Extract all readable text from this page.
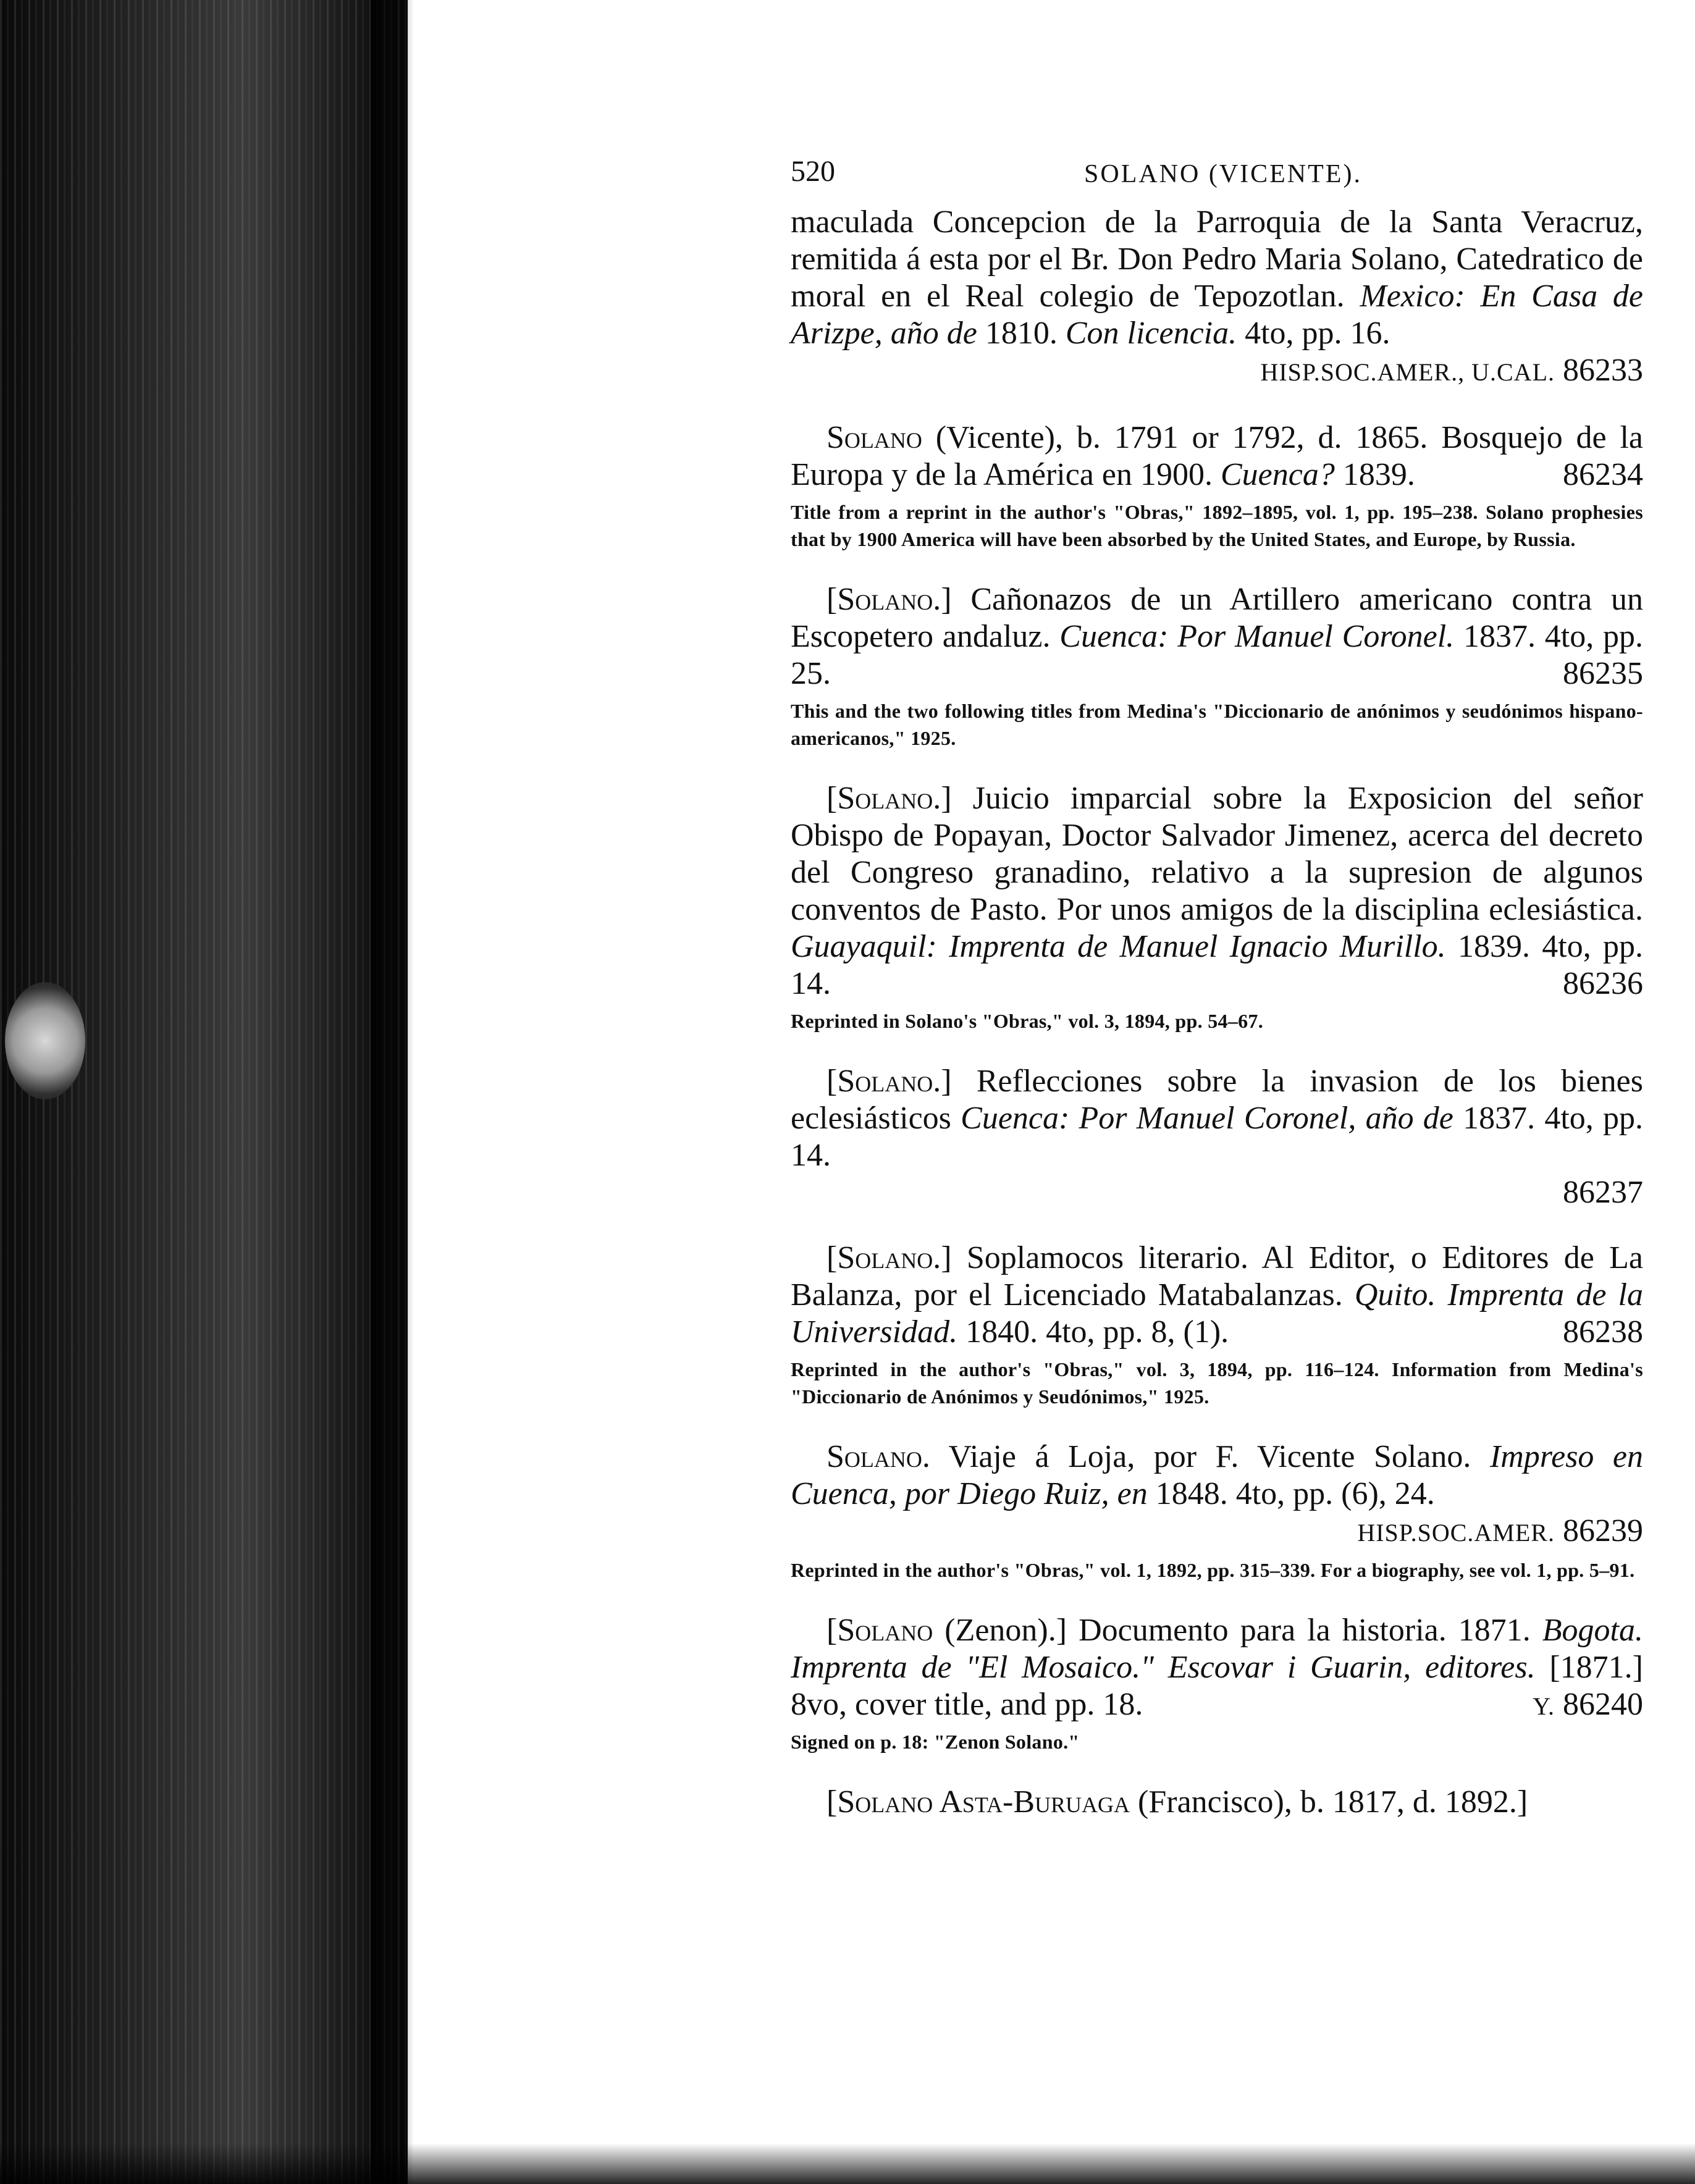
520	SOLANO (VICENTE).

maculada Concepcion de la Parroquia de la Santa Veracruz, remitida á esta por el Br. Don Pedro Maria Solano, Catedratico de moral en el Real colegio de Tepozotlan. Mexico: En Casa de Arizpe, año de 1810. Con licencia. 4to, pp. 16.

HISP.SOC.AMER., U.CAL. 86233

Solano (Vicente), b. 1791 or 1792, d. 1865. Bosquejo de la Europa y de la América en 1900. Cuenca? 1839.	86234

Title from a reprint in the author's "Obras," 1892–1895, vol. 1, pp. 195–238. Solano prophesies that by 1900 America will have been absorbed by the United States, and Europe, by Russia.

[Solano.] Cañonazos de un Artillero americano contra un Escopetero andaluz. Cuenca: Por Manuel Coronel. 1837. 4to, pp. 25.	86235

This and the two following titles from Medina's "Diccionario de anónimos y seudónimos hispano-americanos," 1925.

[Solano.] Juicio imparcial sobre la Exposicion del señor Obispo de Popayan, Doctor Salvador Jimenez, acerca del decreto del Congreso granadino, relativo a la supresion de algunos conventos de Pasto. Por unos amigos de la disciplina eclesiástica. Guayaquil: Imprenta de Manuel Ignacio Murillo. 1839. 4to, pp. 14.	86236

Reprinted in Solano's "Obras," vol. 3, 1894, pp. 54–67.

[Solano.] Reflecciones sobre la invasion de los bienes eclesiásticos Cuenca: Por Manuel Coronel, año de 1837. 4to, pp. 14.

86237

[Solano.] Soplamocos literario. Al Editor, o Editores de La Balanza, por el Licenciado Matabalanzas. Quito. Imprenta de la Universidad. 1840. 4to, pp. 8, (1).	86238

Reprinted in the author's "Obras," vol. 3, 1894, pp. 116–124. Information from Medina's "Diccionario de Anónimos y Seudónimos," 1925.

Solano. Viaje á Loja, por F. Vicente Solano. Impreso en Cuenca, por Diego Ruiz, en 1848. 4to, pp. (6), 24.

HISP.SOC.AMER. 86239

Reprinted in the author's "Obras," vol. 1, 1892, pp. 315–339. For a biography, see vol. 1, pp. 5–91.

[Solano (Zenon).] Documento para la historia. 1871. Bogota. Imprenta de "El Mosaico." Escovar i Guarin, editores. [1871.] 8vo, cover title, and pp. 18.	Y. 86240

Signed on p. 18: "Zenon Solano."

[Solano Asta-Buruaga (Francisco), b. 1817, d. 1892.]
